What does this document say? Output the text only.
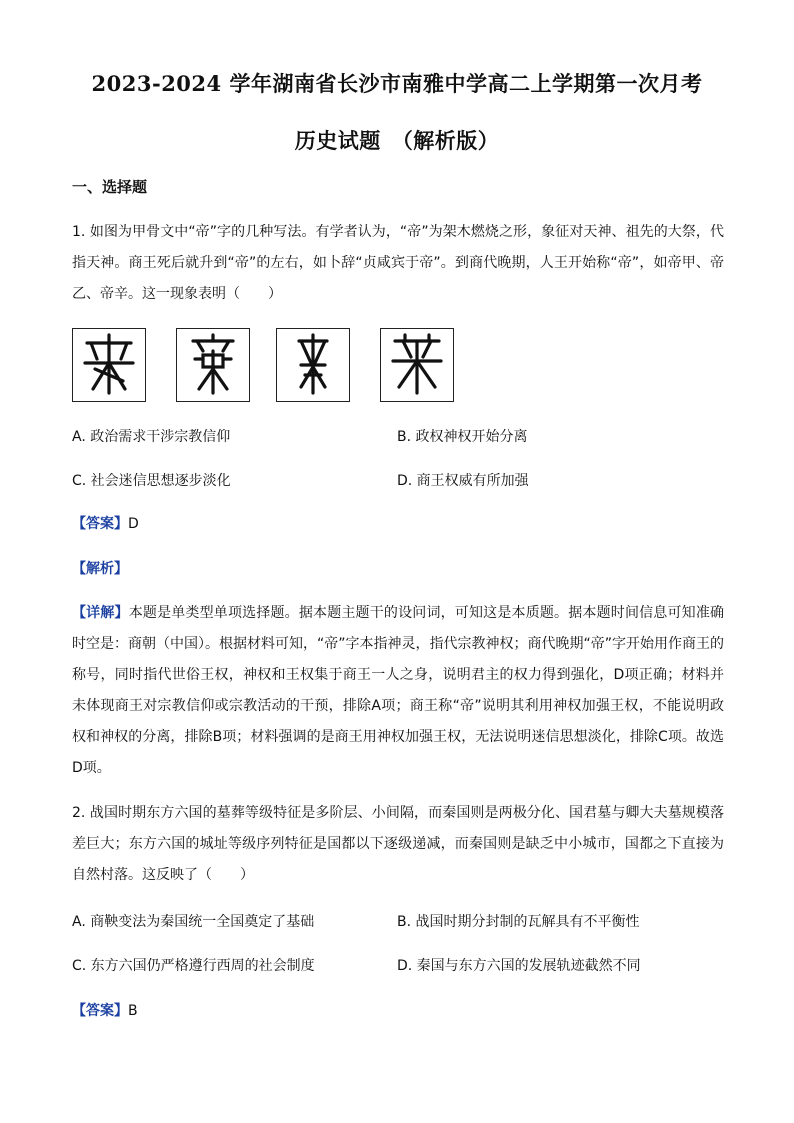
2023-2024 学年湖南省长沙市南雅中学高二上学期第一次月考
历史试题　（解析版）
一、选择题

1. 如图为甲骨文中“帝”字的几种写法。有学者认为，“帝”为架木燃烧之形，象征对天神、祖先的大祭，代指天神。商王死后就升到“帝”的左右，如卜辞“贞咸宾于帝”。到商代晚期，人王开始称“帝”，如帝甲、帝乙、帝辛。这一现象表明（　　）

A. 政治需求干涉宗教信仰	B. 政权神权开始分离
C. 社会迷信思想逐步淡化	D. 商王权威有所加强
【答案】D
【解析】

【详解】本题是单类型单项选择题。据本题主题干的设问词，可知这是本质题。据本题时间信息可知准确时空是：商朝（中国）。根据材料可知，“帝”字本指神灵，指代宗教神权；商代晚期“帝”字开始用作商王的称号，同时指代世俗王权，神权和王权集于商王一人之身，说明君主的权力得到强化，D项正确；材料并未体现商王对宗教信仰或宗教活动的干预，排除A项；商王称“帝”说明其利用神权加强王权，不能说明政权和神权的分离，排除B项；材料强调的是商王用神权加强王权，无法说明迷信思想淡化，排除C项。故选D项。

2. 战国时期东方六国的墓葬等级特征是多阶层、小间隔，而秦国则是两极分化、国君墓与卿大夫墓规模落差巨大；东方六国的城址等级序列特征是国都以下逐级递减，而秦国则是缺乏中小城市，国都之下直接为自然村落。这反映了（　　）

A. 商鞅变法为秦国统一全国奠定了基础	B. 战国时期分封制的瓦解具有不平衡性
C. 东方六国仍严格遵行西周的社会制度	D. 秦国与东方六国的发展轨迹截然不同
【答案】B
